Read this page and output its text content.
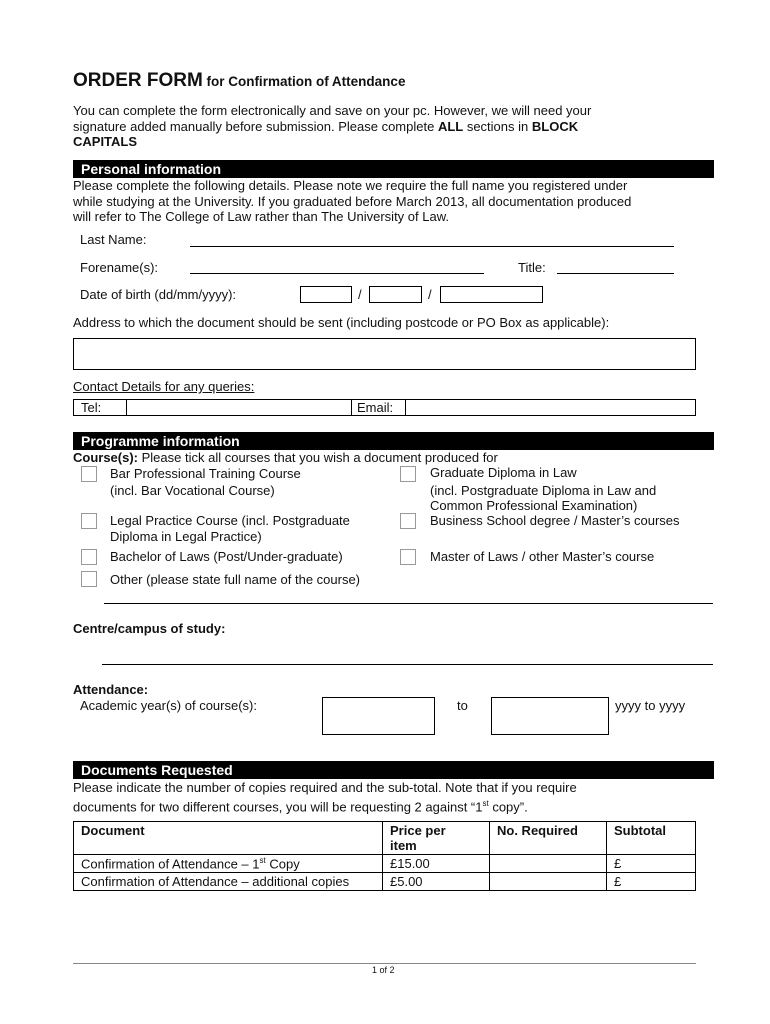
ORDER FORM for Confirmation of Attendance
You can complete the form electronically and save on your pc. However, we will need your
signature added manually before submission. Please complete ALL sections in BLOCK
CAPITALS
Personal information
Please complete the following details. Please note we require the full name you registered under
while studying at the University. If you graduated before March 2013, all documentation produced
will refer to The College of Law rather than The University of Law.
Last Name:
Forename(s):	Title:
Date of birth (dd/mm/yyyy):	/	/
Address to which the document should be sent (including postcode or PO Box as applicable):
Contact Details for any queries:
Tel:	Email:
Programme information
Course(s): Please tick all courses that you wish a document produced for
Bar Professional Training Course
(incl. Bar Vocational Course)
Graduate Diploma in Law
(incl. Postgraduate Diploma in Law and
Common Professional Examination)
Legal Practice Course (incl. Postgraduate
Diploma in Legal Practice)
Business School degree / Master’s courses
Bachelor of Laws (Post/Under-graduate)	Master of Laws / other Master’s course
Other (please state full name of the course)
Centre/campus of study:
Attendance:
Academic year(s) of course(s):	to	yyyy to yyyy
Documents Requested
Please indicate the number of copies required and the sub-total. Note that if you require
documents for two different courses, you will be requesting 2 against “1st copy”.
Document	Price per
item	No. Required	Subtotal
Confirmation of Attendance – 1st Copy	£15.00		£
Confirmation of Attendance – additional copies	£5.00		£
1 of 2
